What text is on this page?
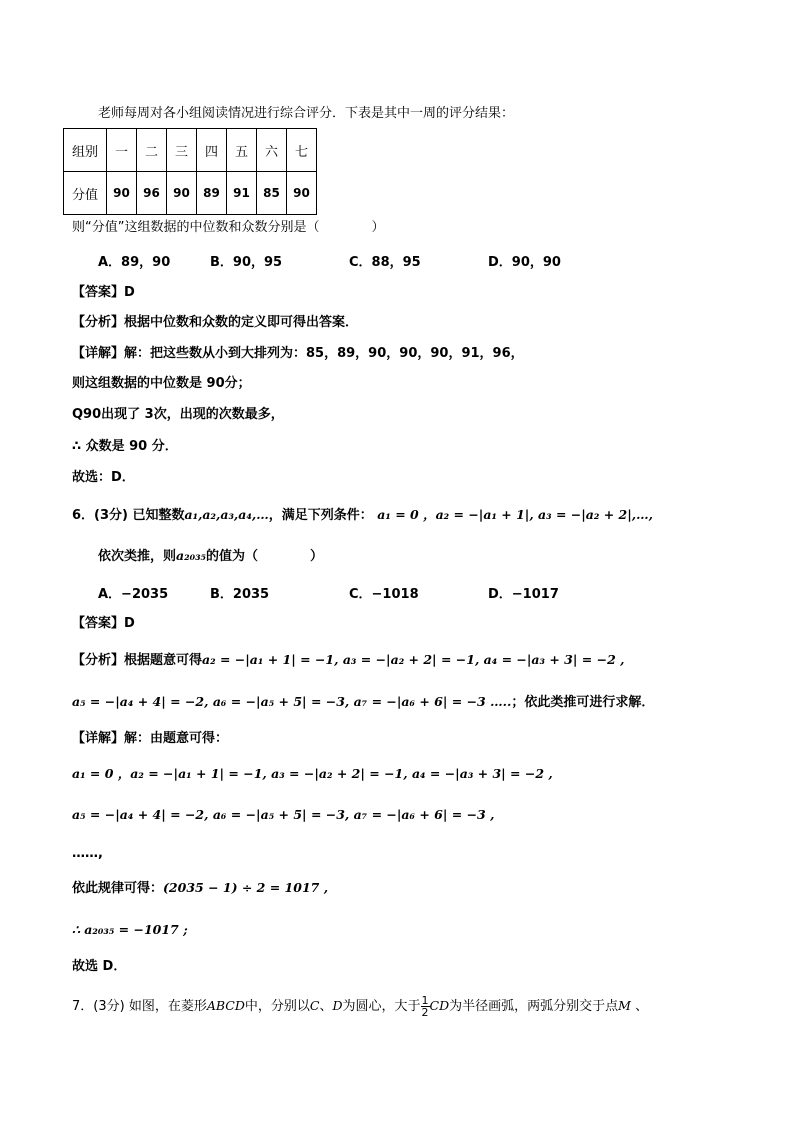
老师每周对各小组阅读情况进行综合评分．下表是其中一周的评分结果：
组别	一	二	三	四	五	六	七
分值	90	96	90	89	91	85	90
则“分值”这组数据的中位数和众数分别是（　　　　）
A．89，90	B．90，95	C．88，95	D．90，90
【答案】D
【分析】根据中位数和众数的定义即可得出答案．
【详解】解：把这些数从小到大排列为：85，89，90，90，90，91，96，
则这组数据的中位数是 90分；
Q90出现了 3次，出现的次数最多，
∴ 众数是 90 分．
故选：D．
6．(3分) 已知整数a₁,a₂,a₃,a₄,…，满足下列条件： a₁ = 0 ，a₂ = −|a₁ + 1|, a₃ = −|a₂ + 2|,…,
依次类推，则a₂₀₃₅的值为（　　　　）
A．−2035	B．2035	C．−1018	D．−1017
【答案】D
【分析】根据题意可得a₂ = −|a₁ + 1| = −1, a₃ = −|a₂ + 2| = −1, a₄ = −|a₃ + 3| = −2 ,
a₅ = −|a₄ + 4| = −2, a₆ = −|a₅ + 5| = −3, a₇ = −|a₆ + 6| = −3 …..；依此类推可进行求解．
【详解】解：由题意可得：
a₁ = 0 ，a₂ = −|a₁ + 1| = −1, a₃ = −|a₂ + 2| = −1, a₄ = −|a₃ + 3| = −2 ,
a₅ = −|a₄ + 4| = −2, a₆ = −|a₅ + 5| = −3, a₇ = −|a₆ + 6| = −3 ,
……,
依此规律可得：(2035 − 1) ÷ 2 = 1017 ,
∴ a₂₀₃₅ = −1017 ;
故选 D．
7．(3分) 如图，在菱形ABCD中，分别以C、D为圆心，大于 $\frac{1}{2}$ CD为半径画弧，两弧分别交于点M 、
